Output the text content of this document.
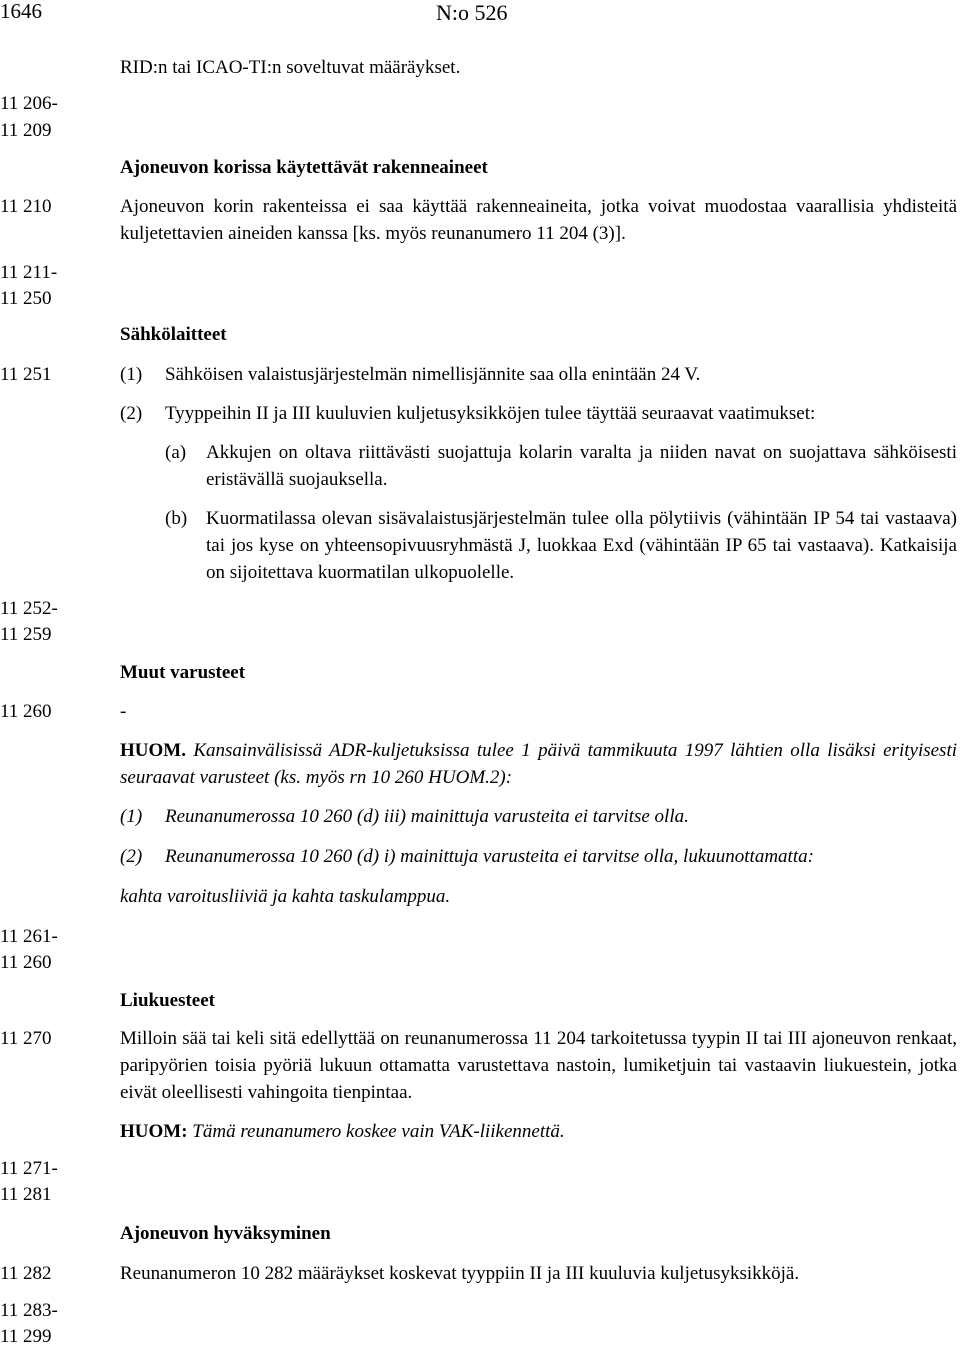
1646	N:o 526
RID:n tai ICAO-TI:n soveltuvat määräykset.
11 206-
11 209
Ajoneuvon korissa käytettävät rakenneaineet
11 210	Ajoneuvon korin rakenteissa ei saa käyttää rakenneaineita, jotka voivat muodostaa vaarallisia yhdisteitä kuljetettavien aineiden kanssa [ks. myös reunanumero 11 204 (3)].
11 211-
11 250
Sähkölaitteet
11 251	(1) Sähköisen valaistusjärjestelmän nimellisjännite saa olla enintään 24 V.
(2) Tyyppeihin II ja III kuuluvien kuljetusyksikköjen tulee täyttää seuraavat vaatimukset:
(a) Akkujen on oltava riittävästi suojattuja kolarin varalta ja niiden navat on suojattava sähköisesti eristävällä suojauksella.
(b) Kuormatilassa olevan sisävalaistusjärjestelmän tulee olla pölytiivis (vähintään IP 54 tai vastaava) tai jos kyse on yhteensopivuusryhmästä J, luokkaa Exd (vähintään IP 65 tai vastaava). Katkaisija on sijoitettava kuormatilan ulkopuolelle.
11 252-
11 259
Muut varusteet
11 260	-
HUOM. Kansainvälisissä ADR-kuljetuksissa tulee 1 päivä tammikuuta 1997 lähtien olla lisäksi erityisesti seuraavat varusteet (ks. myös rn 10 260 HUOM.2):
(1) Reunanumerossa 10 260 (d) iii) mainittuja varusteita ei tarvitse olla.
(2) Reunanumerossa 10 260 (d) i) mainittuja varusteita ei tarvitse olla, lukuunottamatta:
kahta varoitusliiviä ja kahta taskulamppua.
11 261-
11 260
Liukuesteet
11 270	Milloin sää tai keli sitä edellyttää on reunanumerossa 11 204 tarkoitetussa tyypin II tai III ajoneuvon renkaat, paripyörien toisia pyöriä lukuun ottamatta varustettava nastoin, lumiketjuin tai vastaavin liukuestein, jotka eivät oleellisesti vahingoita tienpintaa.
HUOM: Tämä reunanumero koskee vain VAK-liikennettä.
11 271-
11 281
Ajoneuvon hyväksyminen
11 282	Reunanumeron 10 282 määräykset koskevat tyyppiin II ja III kuuluvia kuljetusyksikköjä.
11 283-
11 299
